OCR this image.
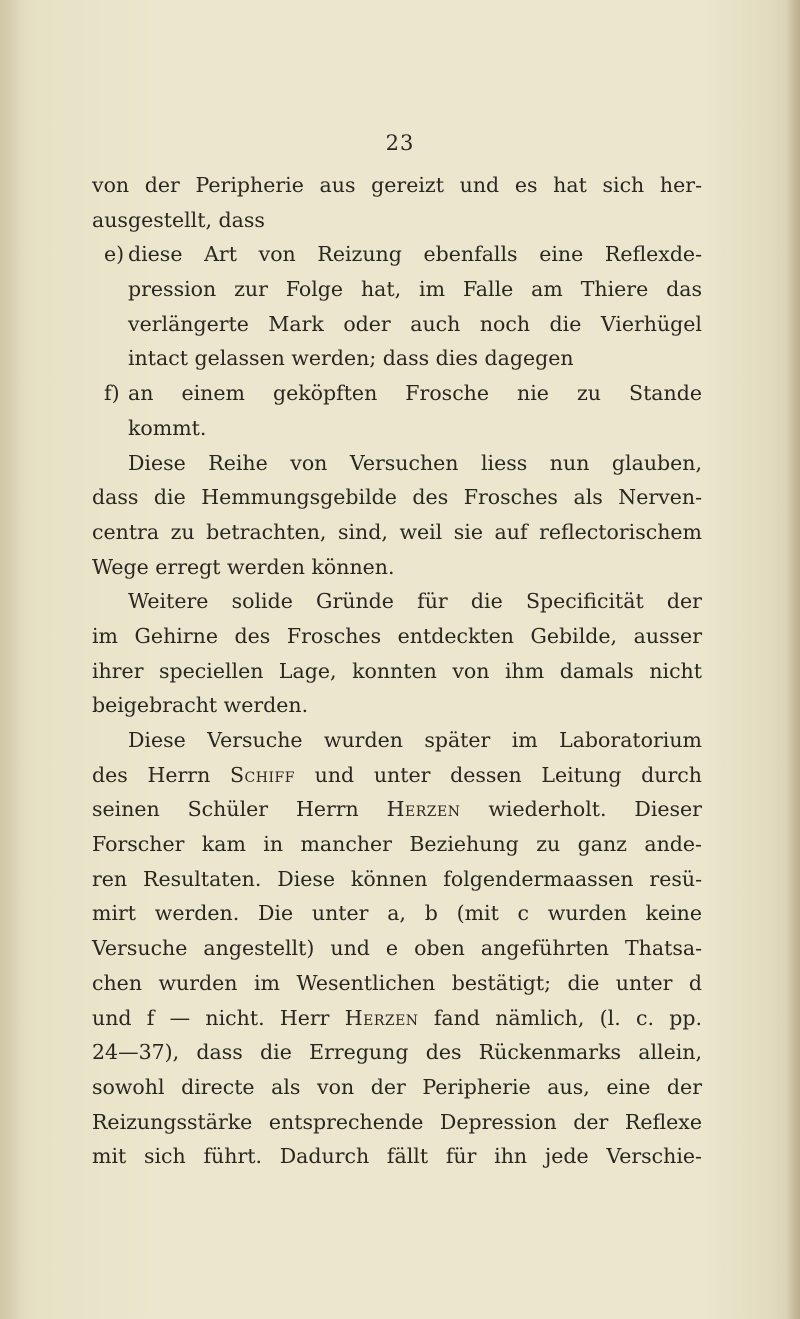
23
von der Peripherie aus gereizt und es hat sich her-
ausgestellt, dass
e) diese Art von Reizung ebenfalls eine Reflexde-
pression zur Folge hat, im Falle am Thiere das
verlängerte Mark oder auch noch die Vierhügel
intact gelassen werden; dass dies dagegen
f) an einem geköpften Frosche nie zu Stande
kommt.
Diese Reihe von Versuchen liess nun glauben,
dass die Hemmungsgebilde des Frosches als Nerven-
centra zu betrachten, sind, weil sie auf reflectorischem
Wege erregt werden können.
Weitere solide Gründe für die Specificität der
im Gehirne des Frosches entdeckten Gebilde, ausser
ihrer speciellen Lage, konnten von ihm damals nicht
beigebracht werden.
Diese Versuche wurden später im Laboratorium
des Herrn Schiff und unter dessen Leitung durch
seinen Schüler Herrn Herzen wiederholt. Dieser
Forscher kam in mancher Beziehung zu ganz ande-
ren Resultaten. Diese können folgendermaassen resü-
mirt werden. Die unter a, b (mit c wurden keine
Versuche angestellt) und e oben angeführten Thatsa-
chen wurden im Wesentlichen bestätigt; die unter d
und f — nicht. Herr Herzen fand nämlich, (l. c. pp.
24—37), dass die Erregung des Rückenmarks allein,
sowohl directe als von der Peripherie aus, eine der
Reizungsstärke entsprechende Depression der Reflexe
mit sich führt. Dadurch fällt für ihn jede Verschie-
